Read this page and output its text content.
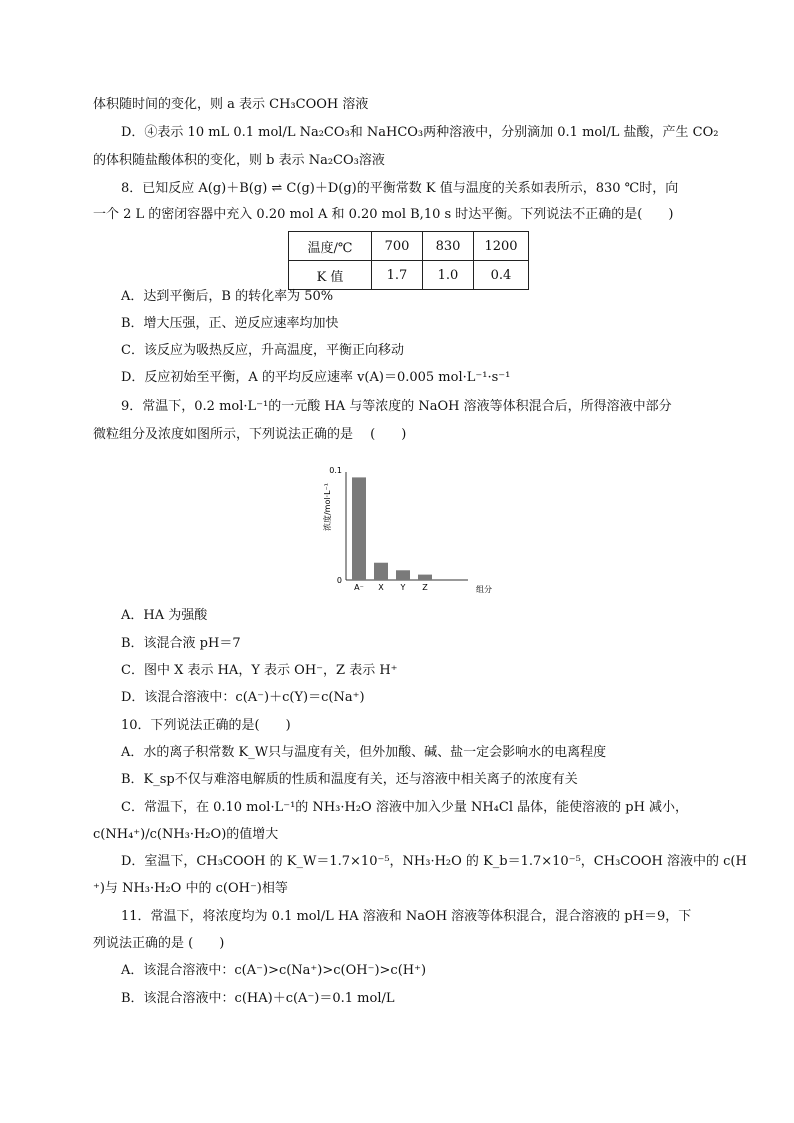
体积随时间的变化，则 a 表示 CH₃COOH 溶液
D．④表示 10 mL 0.1 mol/L Na₂CO₃和 NaHCO₃两种溶液中，分别滴加 0.1 mol/L 盐酸，产生 CO₂
的体积随盐酸体积的变化，则 b 表示 Na₂CO₃溶液
8．已知反应 A(g)＋B(g) ⇌ C(g)＋D(g)的平衡常数 K 值与温度的关系如表所示，830 ℃时，向
一个 2 L 的密闭容器中充入 0.20 mol A 和 0.20 mol B,10 s 时达平衡。下列说法不正确的是(　　)
温度/℃	700	830	1200
K 值	1.7	1.0	0.4
A．达到平衡后，B 的转化率为 50%
B．增大压强，正、逆反应速率均加快
C．该反应为吸热反应，升高温度，平衡正向移动
D．反应初始至平衡，A 的平均反应速率 v(A)＝0.005 mol·L⁻¹·s⁻¹
9．常温下，0.2 mol·L⁻¹的一元酸 HA 与等浓度的 NaOH 溶液等体积混合后，所得溶液中部分
微粒组分及浓度如图所示，下列说法正确的是　 (　　)
0.1
0
浓度/mol·L⁻¹
组分
A⁻ X Y Z
A．HA 为强酸
B．该混合液 pH＝7
C．图中 X 表示 HA，Y 表示 OH⁻，Z 表示 H⁺
D．该混合溶液中：c(A⁻)＋c(Y)＝c(Na⁺)
10．下列说法正确的是(　　)
A．水的离子积常数 K_W只与温度有关，但外加酸、碱、盐一定会影响水的电离程度
B．K_sp不仅与难溶电解质的性质和温度有关，还与溶液中相关离子的浓度有关
C．常温下，在 0.10 mol·L⁻¹的 NH₃·H₂O 溶液中加入少量 NH₄Cl 晶体，能使溶液的 pH 减小，
c(NH₄⁺)/c(NH₃·H₂O)的值增大
D．室温下，CH₃COOH 的 K_W＝1.7×10⁻⁵，NH₃·H₂O 的 K_b＝1.7×10⁻⁵，CH₃COOH 溶液中的 c(H
⁺)与 NH₃·H₂O 中的 c(OH⁻)相等
11．常温下，将浓度均为 0.1 mol/L HA 溶液和 NaOH 溶液等体积混合，混合溶液的 pH＝9，下
列说法正确的是 (　　)
A．该混合溶液中：c(A⁻)>c(Na⁺)>c(OH⁻)>c(H⁺)
B．该混合溶液中：c(HA)＋c(A⁻)＝0.1 mol/L
